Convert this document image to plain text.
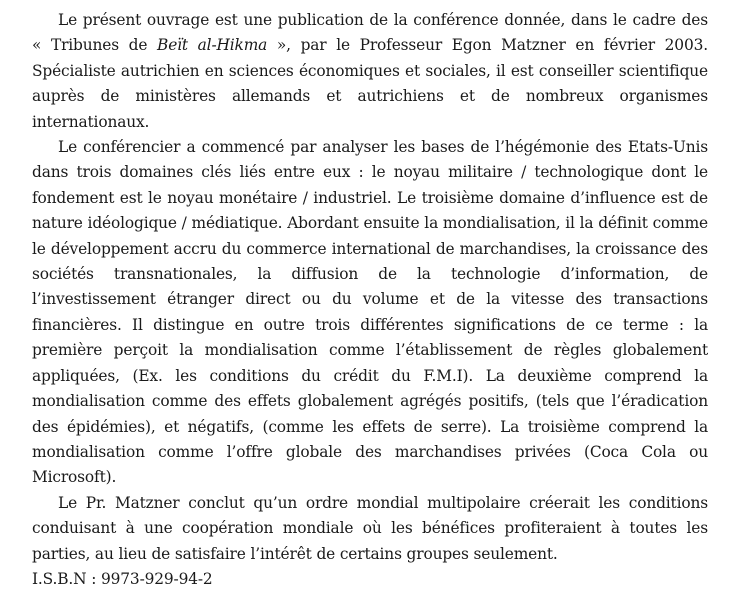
Le présent ouvrage est une publication de la conférence donnée, dans le cadre des « Tribunes de Beït al-Hikma », par le Professeur Egon Matzner en février 2003. Spécialiste autrichien en sciences économiques et sociales, il est conseiller scientifique auprès de ministères allemands et autrichiens et de nombreux organismes internationaux.

Le conférencier a commencé par analyser les bases de l’hégémonie des Etats-Unis dans trois domaines clés liés entre eux : le noyau militaire / technologique dont le fondement est le noyau monétaire / industriel. Le troisième domaine d’influence est de nature idéologique / médiatique. Abordant ensuite la mondialisation, il la définit comme le développement accru du commerce international de marchandises, la croissance des sociétés transnationales, la diffusion de la technologie d’information, de l’investissement étranger direct ou du volume et de la vitesse des transactions financières. Il distingue en outre trois différentes significations de ce terme : la première perçoit la mondialisation comme l’établissement de règles globalement appliquées, (Ex. les conditions du crédit du F.M.I). La deuxième comprend la mondialisation comme des effets globalement agrégés positifs, (tels que l’éradication des épidémies), et négatifs, (comme les effets de serre). La troisième comprend la mondialisation comme l’offre globale des marchandises privées (Coca Cola ou Microsoft).

Le Pr. Matzner conclut qu’un ordre mondial multipolaire créerait les conditions conduisant à une coopération mondiale où les bénéfices profiteraient à toutes les parties, au lieu de satisfaire l’intérêt de certains groupes seulement.

I.S.B.N : 9973-929-94-2
